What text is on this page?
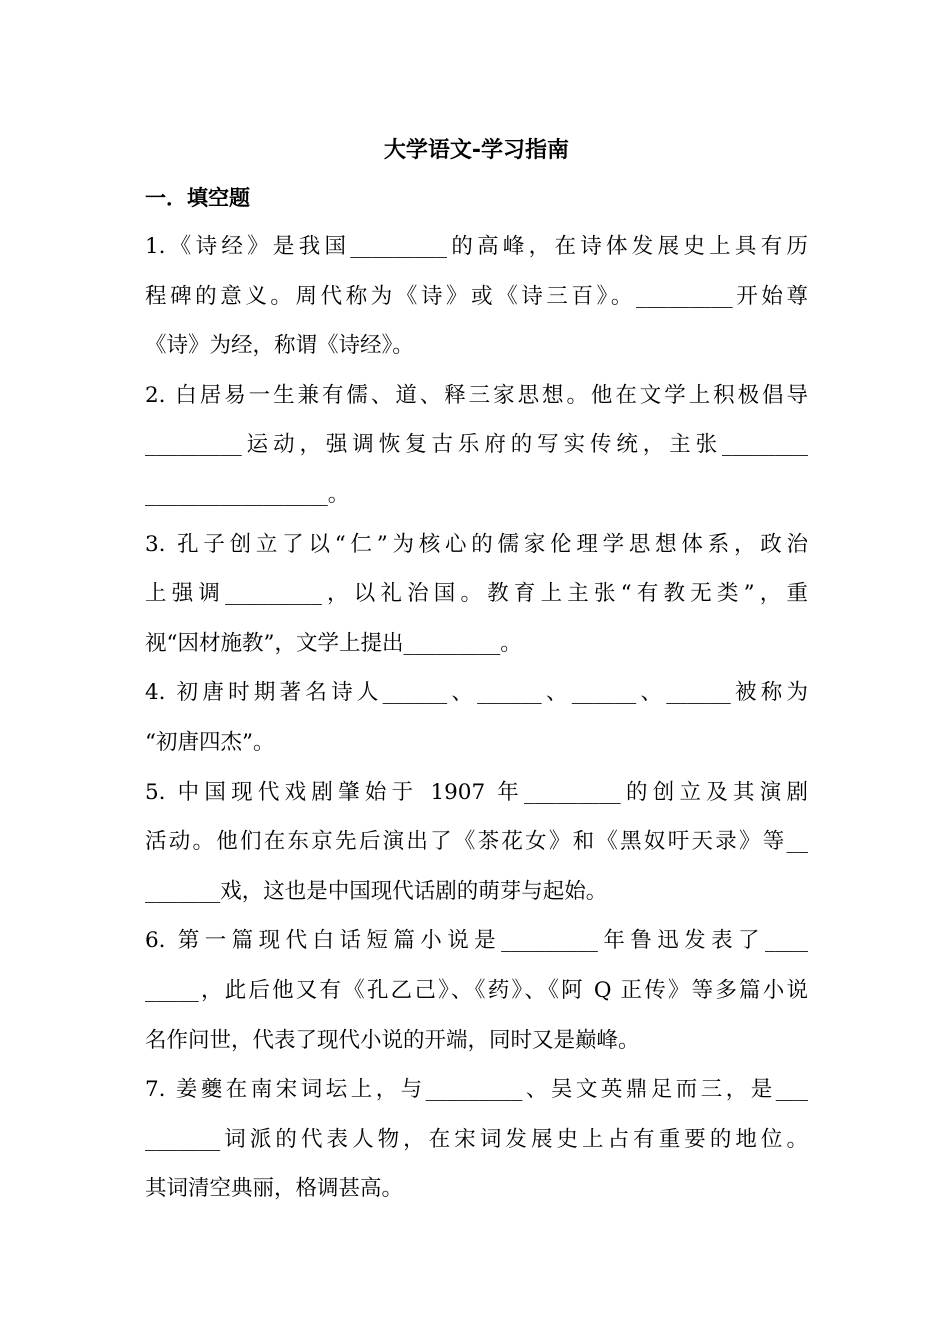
大学语文-学习指南
一．填空题
1.《诗经》是我国_________的高峰，在诗体发展史上具有历
程碑的意义。周代称为《诗》或《诗三百》。_________开始尊
《诗》为经，称谓《诗经》。
2. 白居易一生兼有儒、道、释三家思想。他在文学上积极倡导
_________运动，强调恢复古乐府的写实传统，主张________
_________________。
3. 孔子创立了以“仁”为核心的儒家伦理学思想体系，政治
上强调_________，以礼治国。教育上主张“有教无类”，重
视“因材施教”，文学上提出_________。
4. 初唐时期著名诗人______、______、______、______被称为
“初唐四杰”。
5. 中国现代戏剧肇始于 1907 年_________的创立及其演剧
活动。他们在东京先后演出了《茶花女》和《黑奴吁天录》等__
_______戏，这也是中国现代话剧的萌芽与起始。
6. 第一篇现代白话短篇小说是_________年鲁迅发表了____
_____，此后他又有《孔乙己》、《药》、《阿 Q 正传》等多篇小说
名作问世，代表了现代小说的开端，同时又是巅峰。
7. 姜夔在南宋词坛上，与_________、吴文英鼎足而三，是___
_______词派的代表人物，在宋词发展史上占有重要的地位。
其词清空典丽，格调甚高。
